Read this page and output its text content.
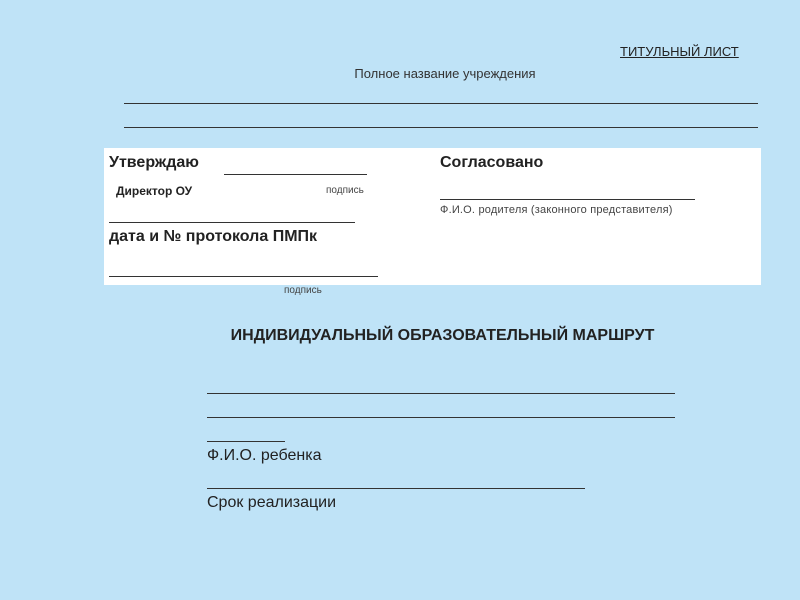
ТИТУЛЬНЫЙ ЛИСТ
Полное название учреждения
Утверждаю
Директор ОУ	подпись
дата и № протокола ПМПк
подпись
Согласовано
Ф.И.О. родителя (законного представителя)
ИНДИВИДУАЛЬНЫЙ ОБРАЗОВАТЕЛЬНЫЙ МАРШРУТ
Ф.И.О. ребенка
Срок реализации
